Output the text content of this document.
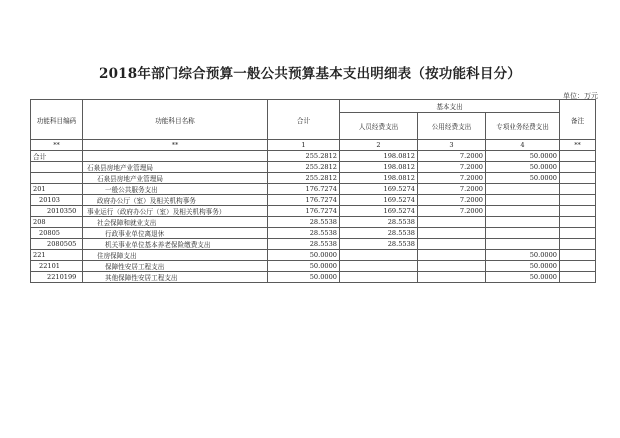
2018年部门综合预算一般公共预算基本支出明细表（按功能科目分）
单位：万元
功能科目编码	功能科目名称	合计	基本支出			备注
			人员经费支出	公用经费支出	专项业务经费支出	
**	**	1	2	3	4	**
合计		255.2812	198.0812	7.2000	50.0000	
	石泉县房地产业管理局	255.2812	198.0812	7.2000	50.0000	
	石泉县房地产业管理局	255.2812	198.0812	7.2000	50.0000	
201	一般公共服务支出	176.7274	169.5274	7.2000		
20103	政府办公厅（室）及相关机构事务	176.7274	169.5274	7.2000		
2010350	事业运行（政府办公厅（室）及相关机构事务）	176.7274	169.5274	7.2000		
208	社会保障和就业支出	28.5538	28.5538			
20805	行政事业单位离退休	28.5538	28.5538			
2080505	机关事业单位基本养老保险缴费支出	28.5538	28.5538			
221	住房保障支出	50.0000			50.0000	
22101	保障性安居工程支出	50.0000			50.0000	
2210199	其他保障性安居工程支出	50.0000			50.0000	
